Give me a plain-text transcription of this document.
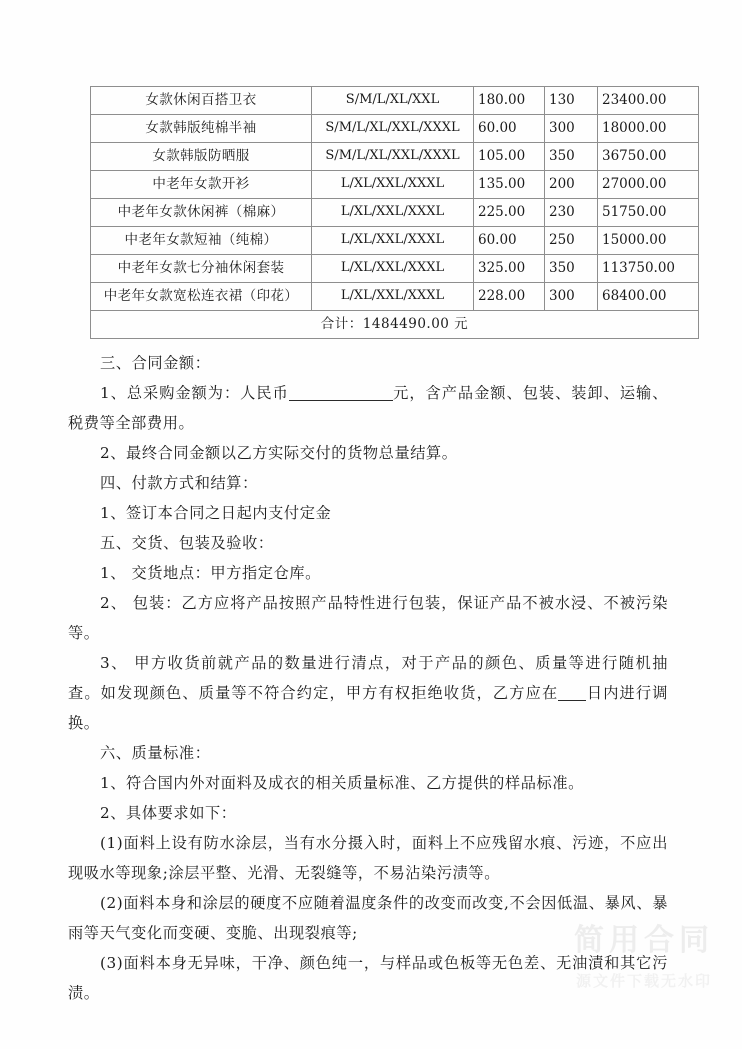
简用合同
源文件下载无水印
女款休闲百搭卫衣	S/M/L/XL/XXL	180.00	130	23400.00
女款韩版纯棉半袖	S/M/L/XL/XXL/XXXL	60.00	300	18000.00
女款韩版防晒服	S/M/L/XL/XXL/XXXL	105.00	350	36750.00
中老年女款开衫	L/XL/XXL/XXXL	135.00	200	27000.00
中老年女款休闲裤（棉麻）	L/XL/XXL/XXXL	225.00	230	51750.00
中老年女款短袖（纯棉）	L/XL/XXL/XXXL	60.00	250	15000.00
中老年女款七分袖休闲套装	L/XL/XXL/XXXL	325.00	350	113750.00
中老年女款宽松连衣裙（印花）	L/XL/XXL/XXXL	228.00	300	68400.00
合计：1484490.00 元				

三、合同金额：

1、总采购金额为：人民币	元，含产品金额、包装、装卸、运输、税费等全部费用。

2、最终合同金额以乙方实际交付的货物总量结算。

四、付款方式和结算：

1、签订本合同之日起内支付定金

五、交货、包装及验收：

1、 交货地点：甲方指定仓库。

2、 包装：乙方应将产品按照产品特性进行包装，保证产品不被水浸、不被污染等。

3、 甲方收货前就产品的数量进行清点，对于产品的颜色、质量等进行随机抽查。如发现颜色、质量等不符合约定，甲方有权拒绝收货，乙方应在 日内进行调换。

六、质量标准：

1、符合国内外对面料及成衣的相关质量标准、乙方提供的样品标准。

2、具体要求如下：

(1)面料上设有防水涂层，当有水分摄入时，面料上不应残留水痕、污迹，不应出现吸水等现象;涂层平整、光滑、无裂缝等，不易沾染污渍等。

(2)面料本身和涂层的硬度不应随着温度条件的改变而改变,不会因低温、暴风、暴雨等天气变化而变硬、变脆、出现裂痕等;

(3)面料本身无异味，干净、颜色纯一，与样品或色板等无色差、无油漬和其它污渍。
